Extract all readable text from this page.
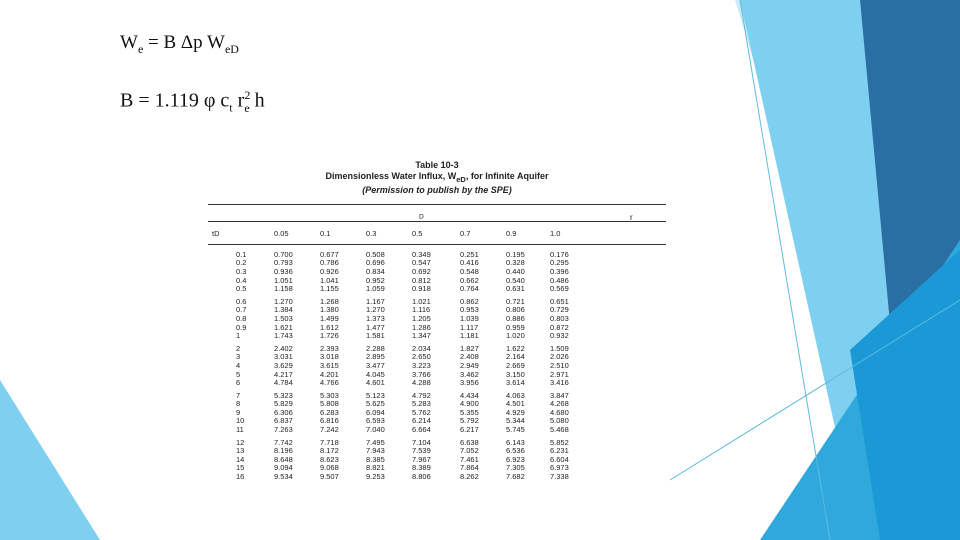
$W_e = B$ Δp $W_{eD}$
B = 1.119 φ $c_t$ $r^2_e$ h
Table 10-3
Dimensionless Water Influx, $W_{eD}$, for Infinite Aquifer
(Permission to publish by the SPE)
r
$_D$
tD	0.05	0.1	0.3	0.5	0.7	0.9	1.0
0.1	0.700	0.677	0.508	0.349	0.251	0.195	0.176
0.2	0.793	0.786	0.696	0.547	0.416	0.328	0.295
0.3	0.936	0.926	0.834	0.692	0.548	0.440	0.396
0.4	1.051	1.041	0.952	0.812	0.662	0.540	0.486
0.5	1.158	1.155	1.059	0.918	0.764	0.631	0.569
0.6	1.270	1.268	1.167	1.021	0.862	0.721	0.651
0.7	1.384	1.380	1.270	1.116	0.953	0.806	0.729
0.8	1.503	1.499	1.373	1.205	1.039	0.886	0.803
0.9	1.621	1.612	1.477	1.286	1.117	0.959	0.872
1	1.743	1.726	1.581	1.347	1.181	1.020	0.932
2	2.402	2.393	2.288	2.034	1.827	1.622	1.509
3	3.031	3.018	2.895	2.650	2.408	2.164	2.026
4	3.629	3.615	3.477	3.223	2.949	2.669	2.510
5	4.217	4.201	4.045	3.766	3.462	3.150	2.971
6	4.784	4.766	4.601	4.288	3.956	3.614	3.416
7	5.323	5.303	5.123	4.792	4.434	4.063	3.847
8	5.829	5.808	5.625	5.283	4.900	4.501	4.268
9	6.306	6.283	6.094	5.762	5.355	4.929	4.680
10	6.837	6.816	6.593	6.214	5.792	5.344	5.080
11	7.263	7.242	7.040	6.664	6.217	5.745	5.468
12	7.742	7.718	7.495	7.104	6.638	6.143	5.852
13	8.196	8.172	7.943	7.539	7.052	6.536	6.231
14	8.648	8.623	8.385	7.967	7.461	6.923	6.604
15	9.094	9.068	8.821	8.389	7.864	7.305	6.973
16	9.534	9.507	9.253	8.806	8.262	7.682	7.338
